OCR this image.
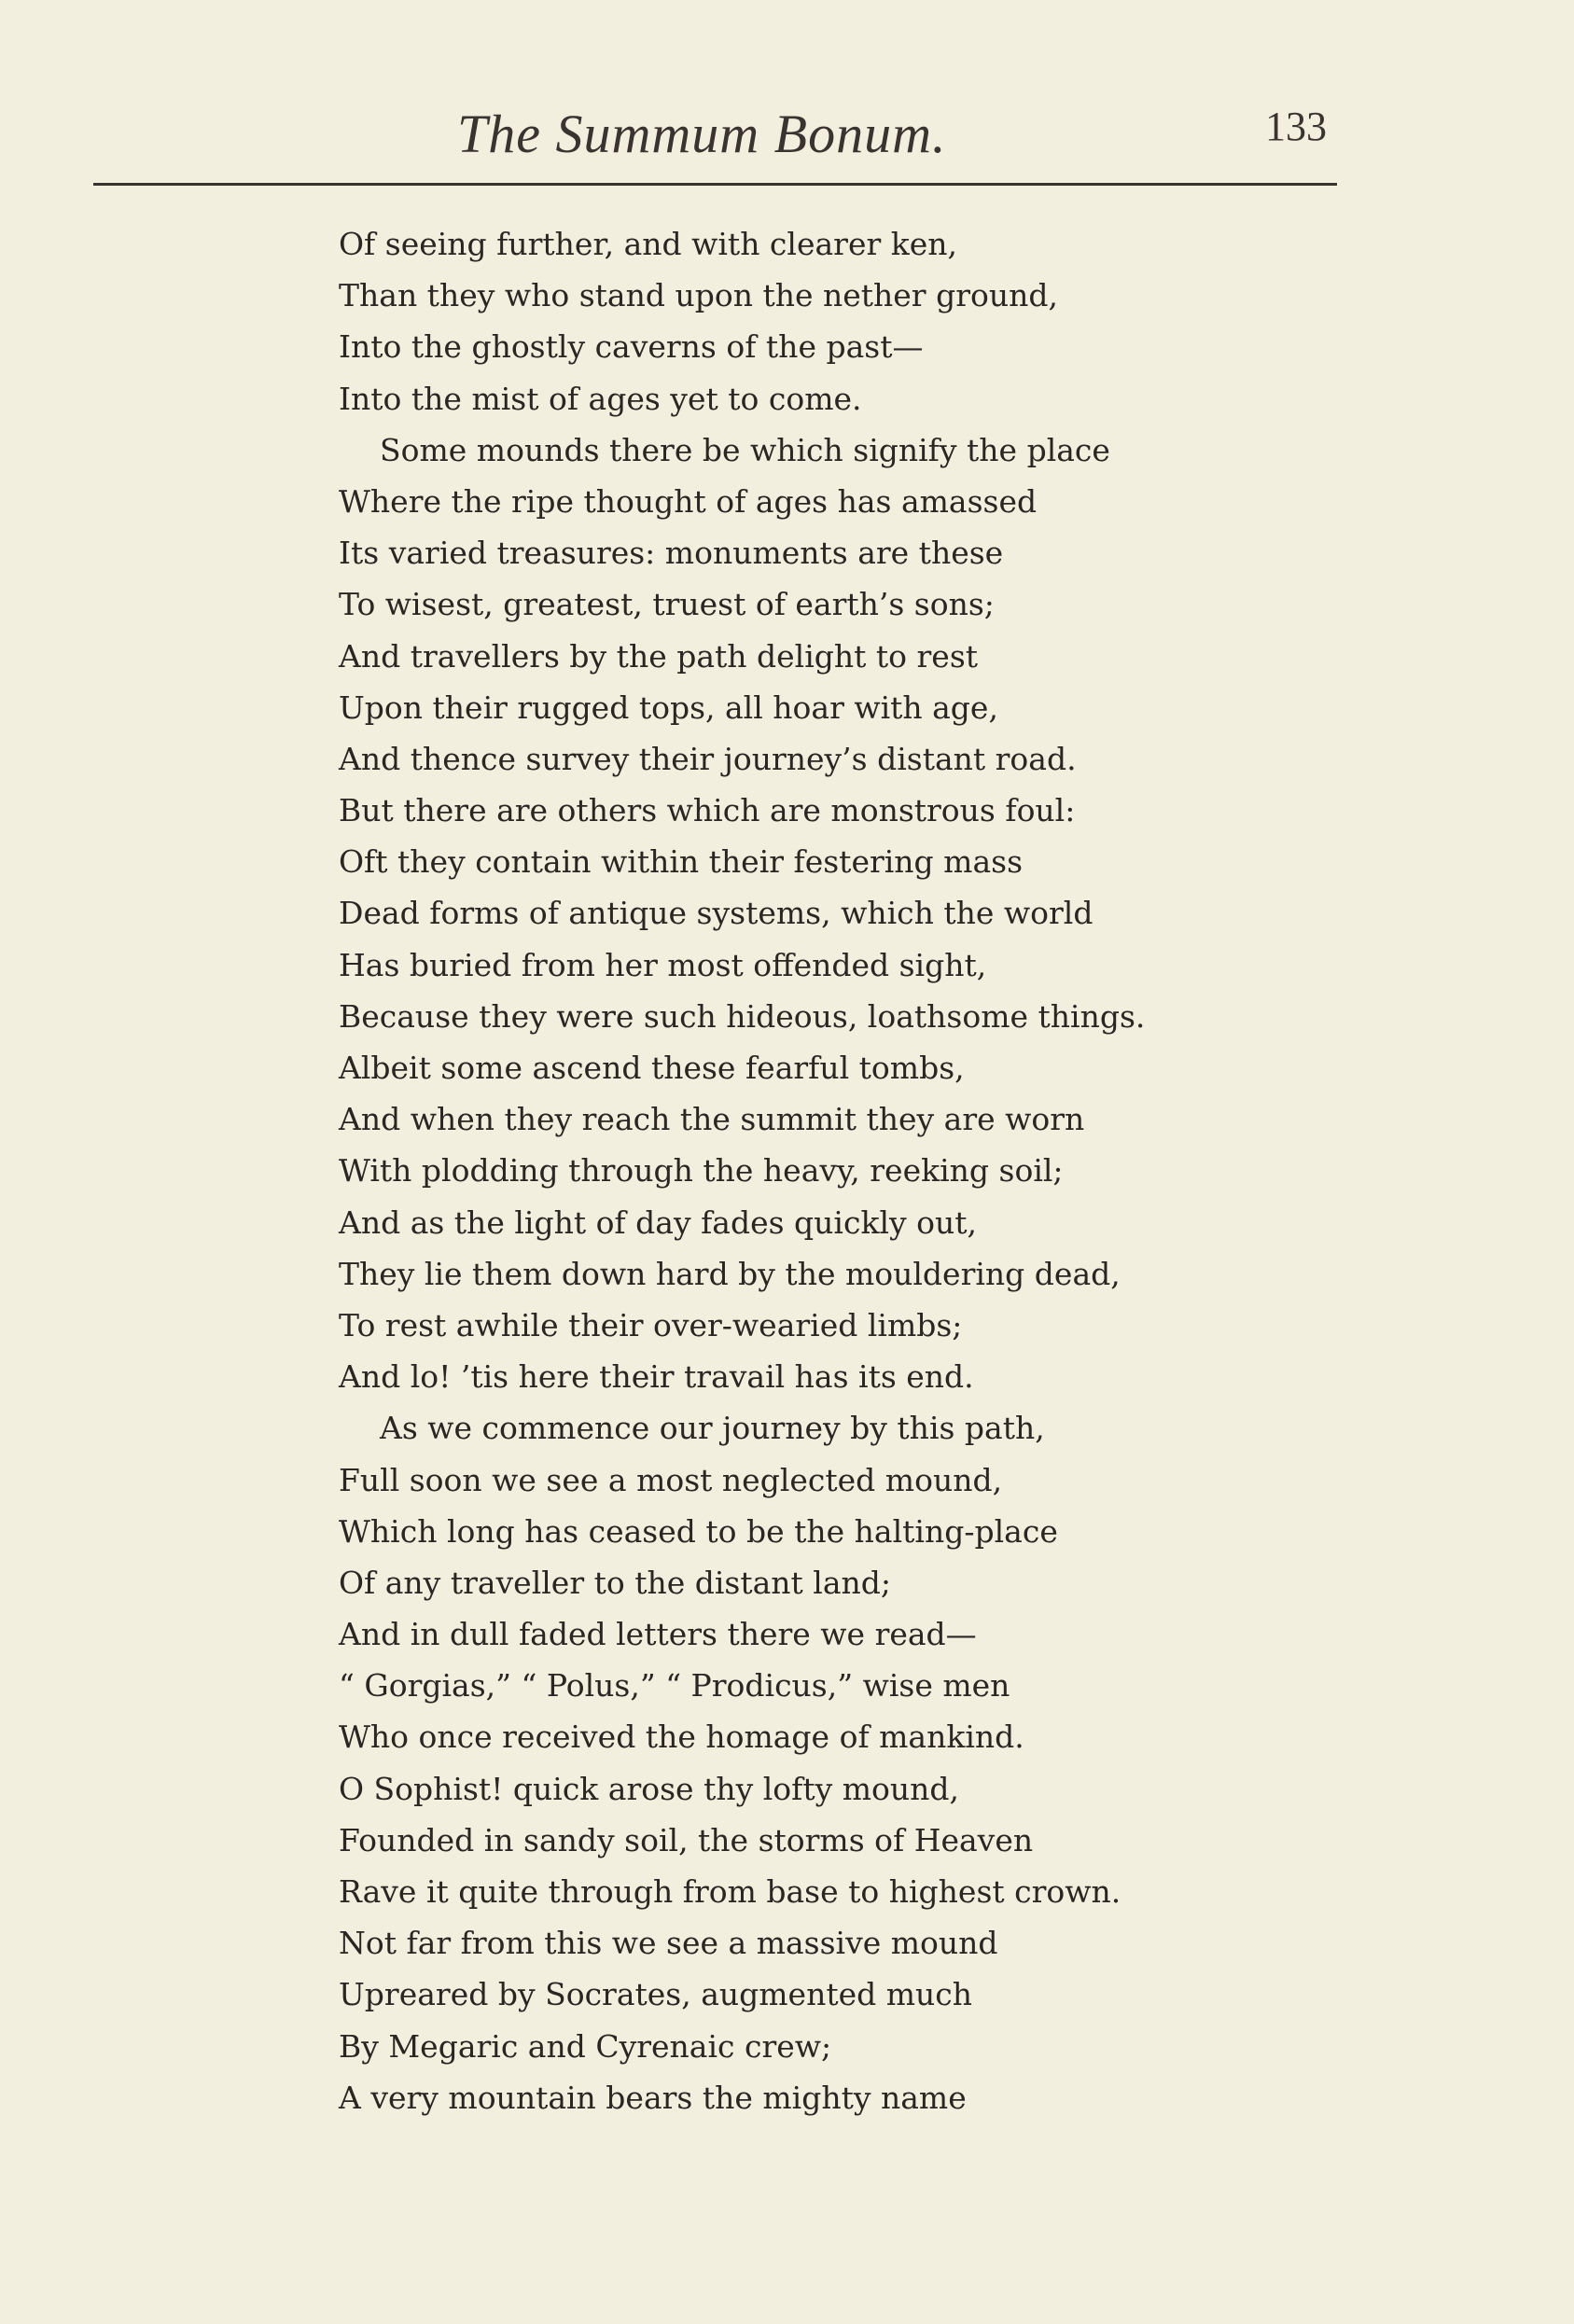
The Summum Bonum.	133
Of seeing further, and with clearer ken,
Than they who stand upon the nether ground,
Into the ghostly caverns of the past—
Into the mist of ages yet to come.
Some mounds there be which signify the place
Where the ripe thought of ages has amassed
Its varied treasures: monuments are these
To wisest, greatest, truest of earth’s sons;
And travellers by the path delight to rest
Upon their rugged tops, all hoar with age,
And thence survey their journey’s distant road.
But there are others which are monstrous foul:
Oft they contain within their festering mass
Dead forms of antique systems, which the world
Has buried from her most offended sight,
Because they were such hideous, loathsome things.
Albeit some ascend these fearful tombs,
And when they reach the summit they are worn
With plodding through the heavy, reeking soil;
And as the light of day fades quickly out,
They lie them down hard by the mouldering dead,
To rest awhile their over-wearied limbs;
And lo! ’tis here their travail has its end.
As we commence our journey by this path,
Full soon we see a most neglected mound,
Which long has ceased to be the halting-place
Of any traveller to the distant land;
And in dull faded letters there we read—
“ Gorgias,” “ Polus,” “ Prodicus,” wise men
Who once received the homage of mankind.
O Sophist! quick arose thy lofty mound,
Founded in sandy soil, the storms of Heaven
Rave it quite through from base to highest crown.
Not far from this we see a massive mound
Upreared by Socrates, augmented much
By Megaric and Cyrenaic crew;
A very mountain bears the mighty name
